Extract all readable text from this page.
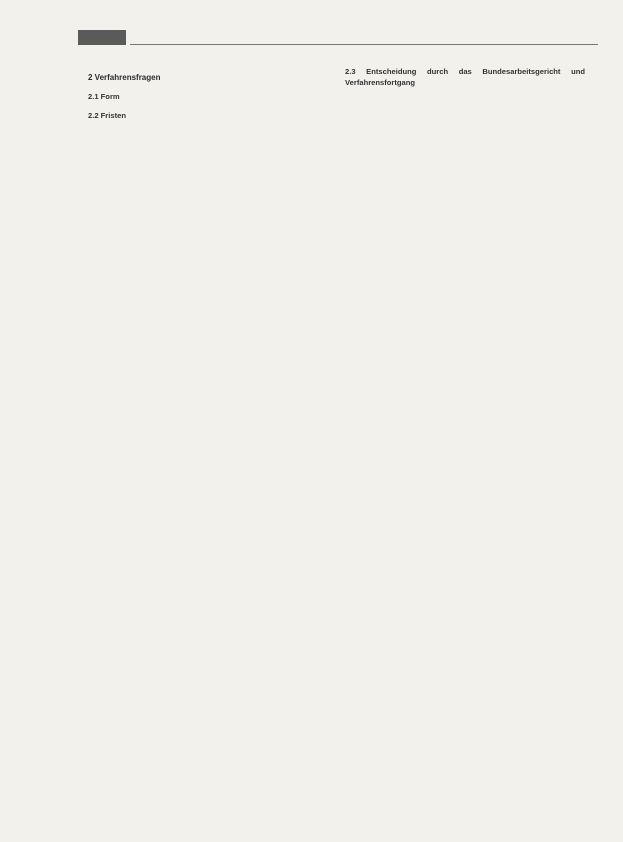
2 Verfahrensfragen
2.1 Form

2.2 Fristen

2.3 Entscheidung durch das Bundesarbeitsgericht und Verfahrensfortgang
